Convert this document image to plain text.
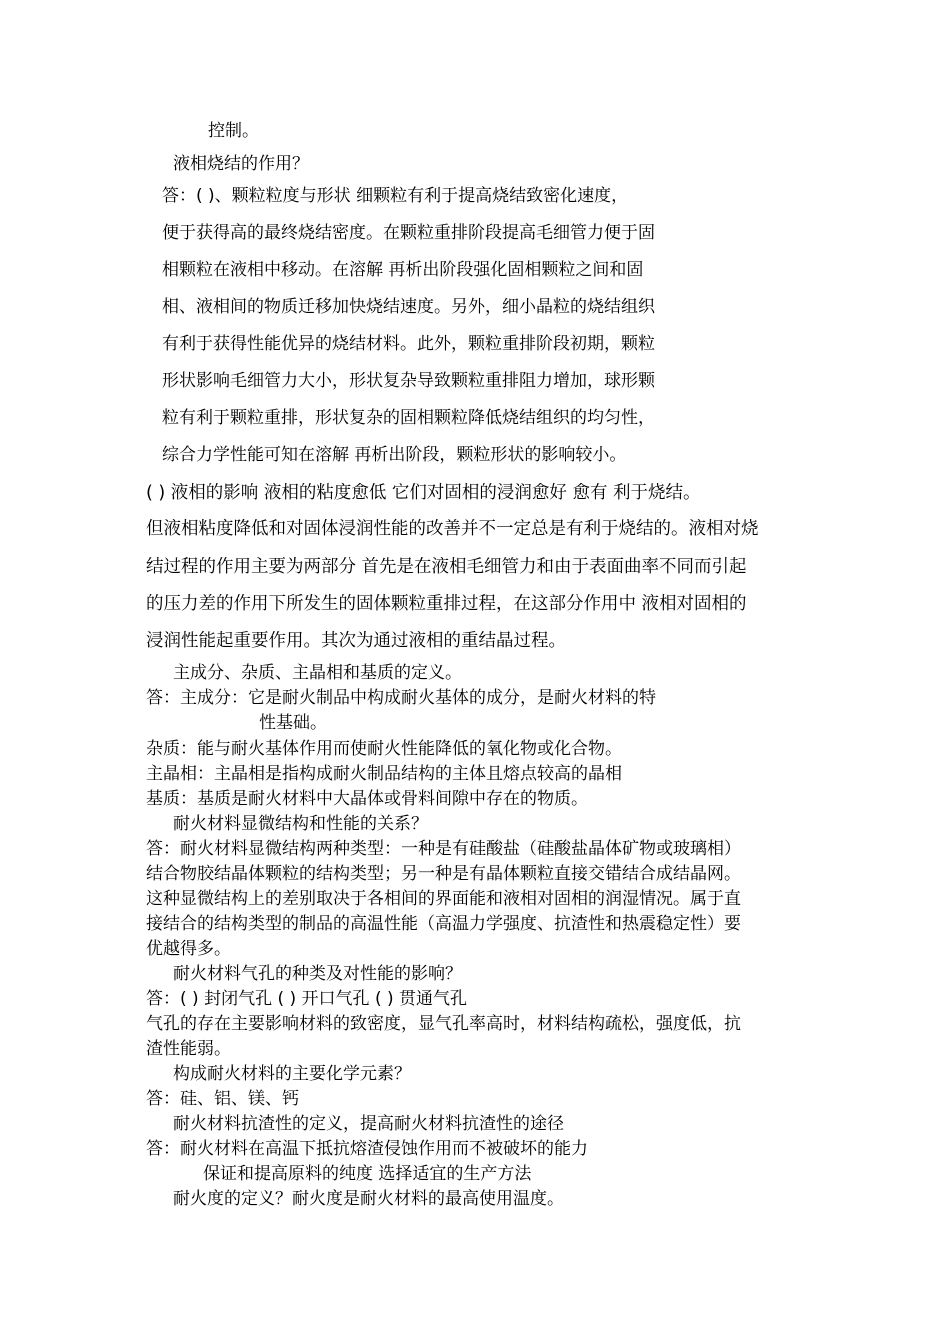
控制。

液相烧结的作用？

答：( )、颗粒粒度与形状 细颗粒有利于提高烧结致密化速度，

便于获得高的最终烧结密度。在颗粒重排阶段提高毛细管力便于固

相颗粒在液相中移动。在溶解 再析出阶段强化固相颗粒之间和固

相、液相间的物质迁移加快烧结速度。另外，细小晶粒的烧结组织

有利于获得性能优异的烧结材料。此外，颗粒重排阶段初期，颗粒

形状影响毛细管力大小，形状复杂导致颗粒重排阻力增加，球形颗

粒有利于颗粒重排，形状复杂的固相颗粒降低烧结组织的均匀性，

综合力学性能可知在溶解 再析出阶段，颗粒形状的影响较小。

( ) 液相的影响 液相的粘度愈低 它们对固相的浸润愈好 愈有 利于烧结。

但液相粘度降低和对固体浸润性能的改善并不一定总是有利于烧结的。液相对烧

结过程的作用主要为两部分 首先是在液相毛细管力和由于表面曲率不同而引起

的压力差的作用下所发生的固体颗粒重排过程，在这部分作用中 液相对固相的

浸润性能起重要作用。其次为通过液相的重结晶过程。

主成分、杂质、主晶相和基质的定义。

答：主成分：它是耐火制品中构成耐火基体的成分，是耐火材料的特

性基础。

杂质：能与耐火基体作用而使耐火性能降低的氧化物或化合物。

主晶相：主晶相是指构成耐火制品结构的主体且熔点较高的晶相

基质：基质是耐火材料中大晶体或骨料间隙中存在的物质。

耐火材料显微结构和性能的关系？

答：耐火材料显微结构两种类型：一种是有硅酸盐（硅酸盐晶体矿物或玻璃相）

结合物胶结晶体颗粒的结构类型；另一种是有晶体颗粒直接交错结合成结晶网。

这种显微结构上的差别取决于各相间的界面能和液相对固相的润湿情况。属于直

接结合的结构类型的制品的高温性能（高温力学强度、抗渣性和热震稳定性）要

优越得多。

耐火材料气孔的种类及对性能的影响？

答：( ) 封闭气孔 ( ) 开口气孔 ( ) 贯通气孔

气孔的存在主要影响材料的致密度，显气孔率高时，材料结构疏松，强度低，抗

渣性能弱。

构成耐火材料的主要化学元素？

答：硅、铝、镁、钙

耐火材料抗渣性的定义，提高耐火材料抗渣性的途径

答：耐火材料在高温下抵抗熔渣侵蚀作用而不被破坏的能力

保证和提高原料的纯度 选择适宜的生产方法

耐火度的定义？耐火度是耐火材料的最高使用温度。
